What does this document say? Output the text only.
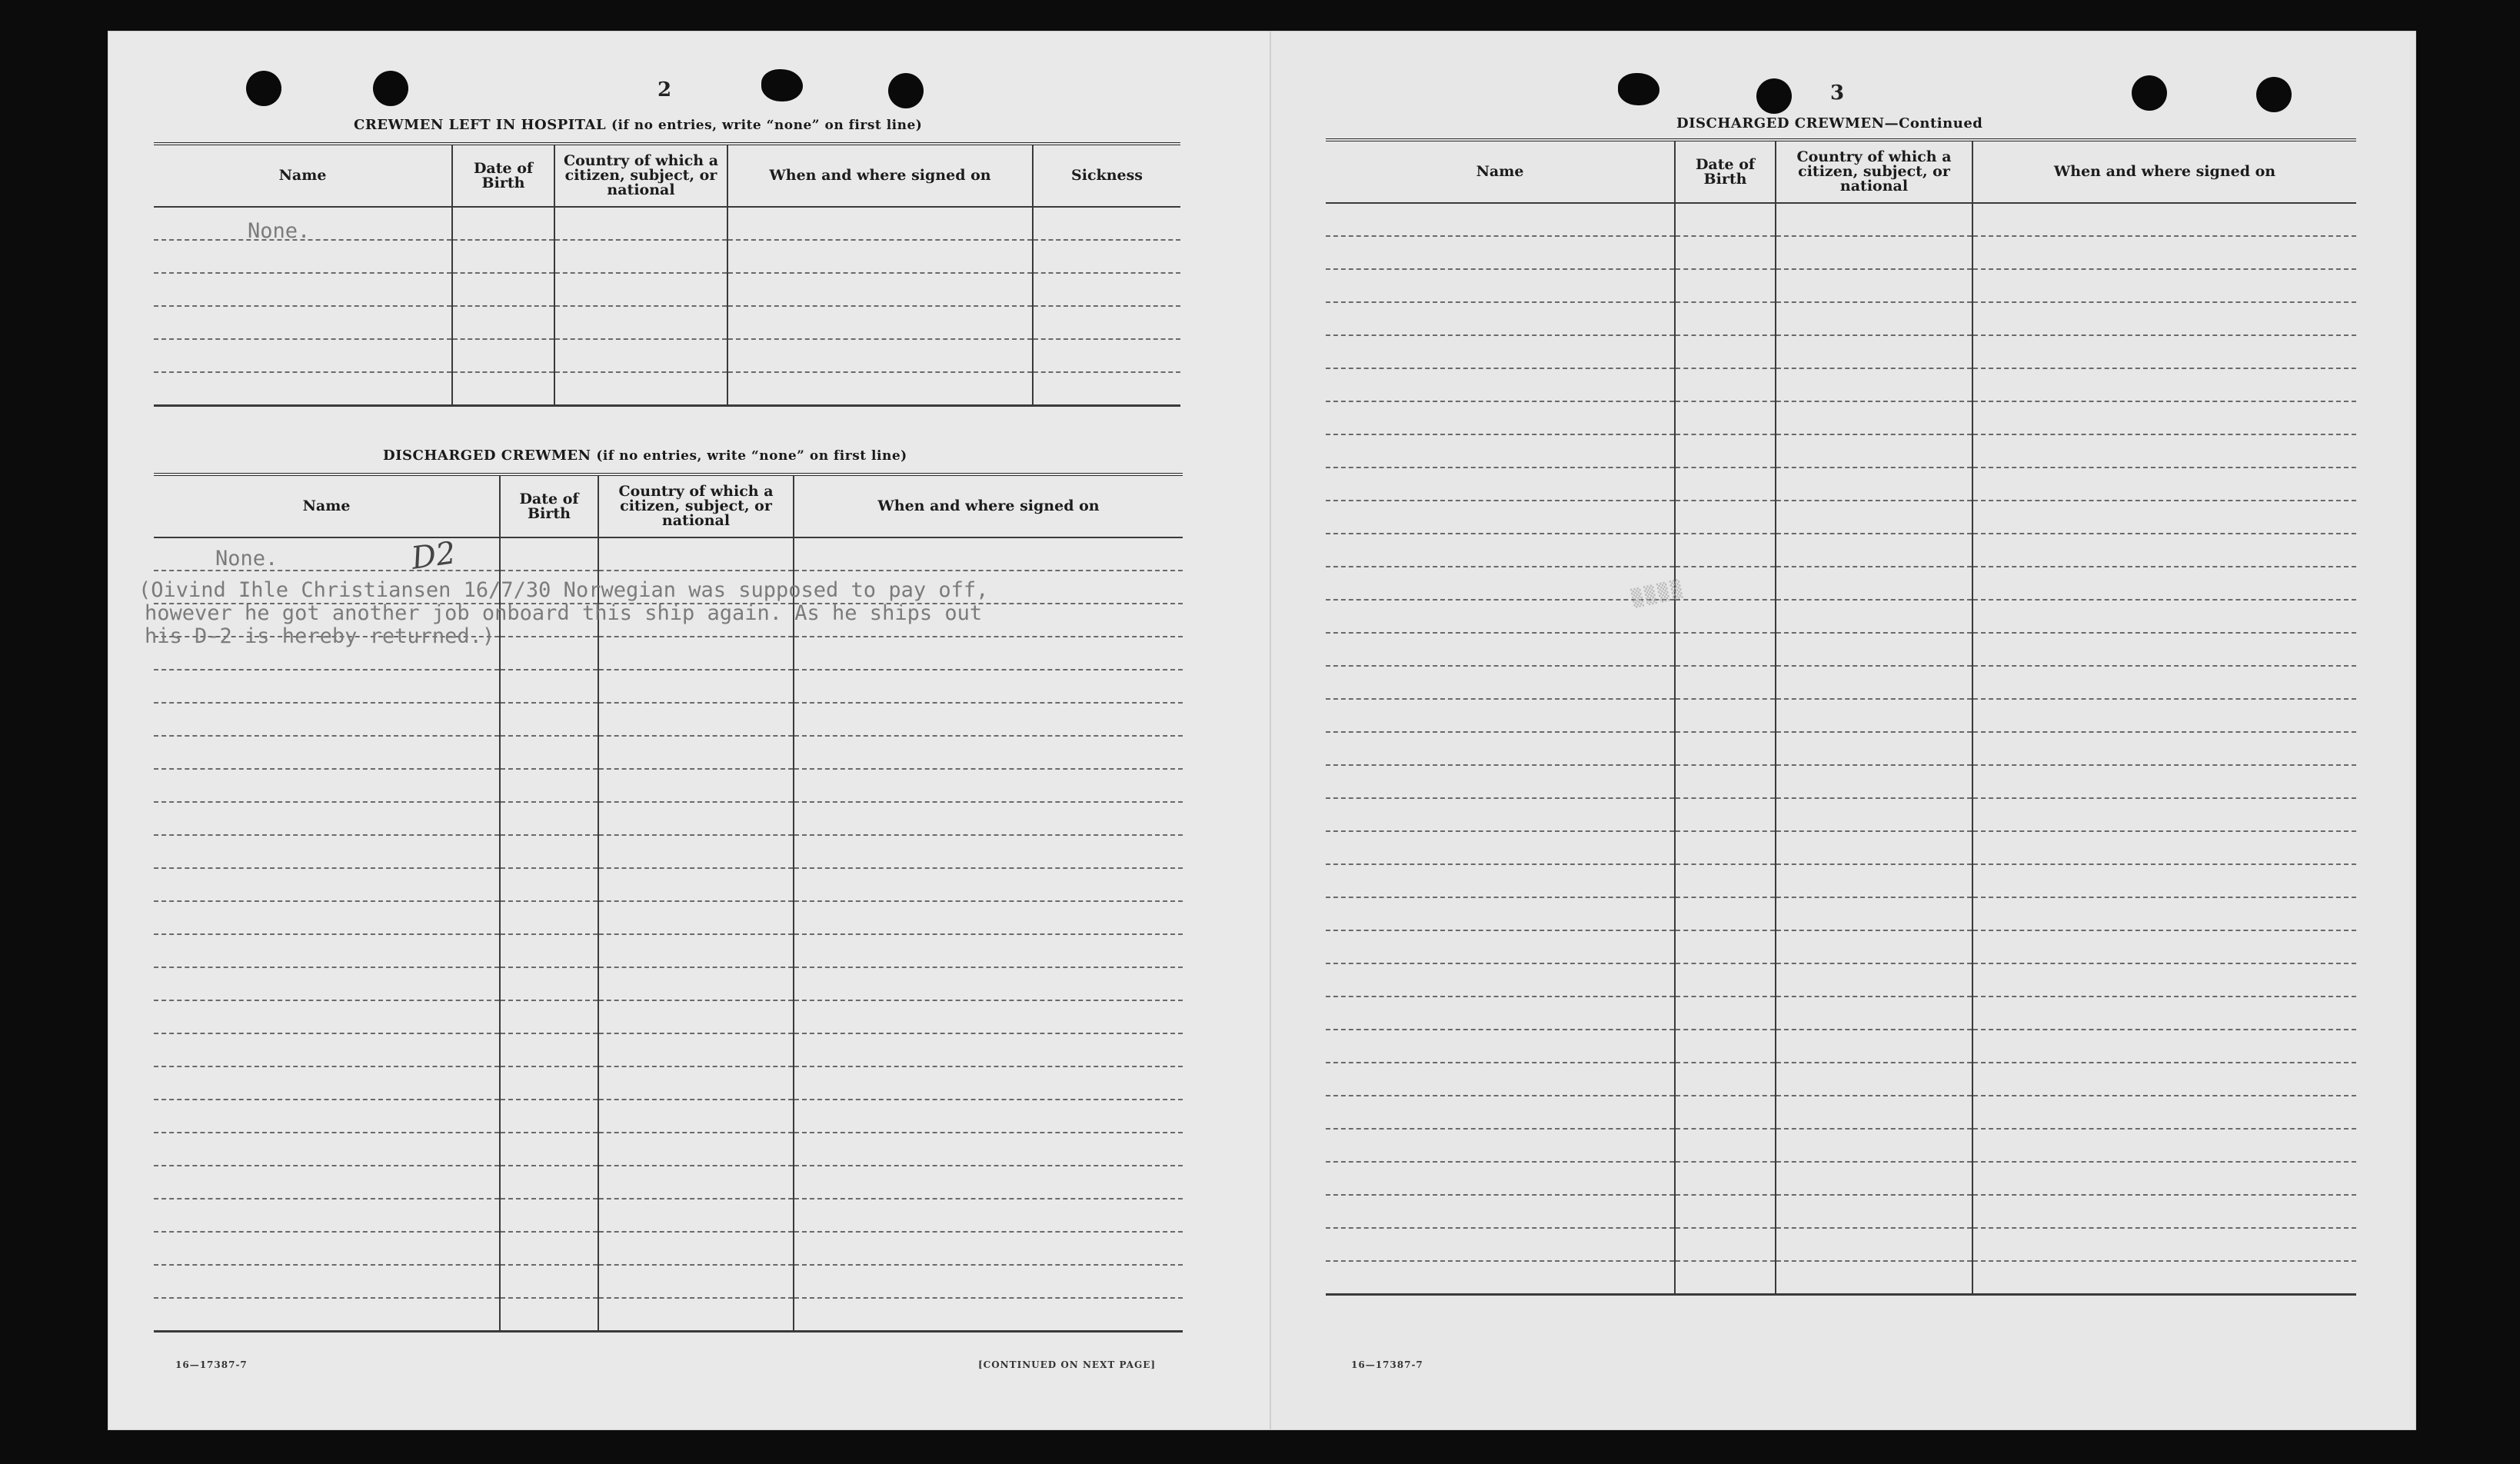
2
CREWMEN LEFT IN HOSPITAL (if no entries, write “none” on first line)
Name	Date of Birth	Country of which a citizen, subject, or national	When and where signed on	Sickness

None.
DISCHARGED CREWMEN (if no entries, write “none” on first line)
Name	Date of Birth	Country of which a citizen, subject, or national	When and where signed on

None.	D2
(Oivind Ihle Christiansen 16/7/30 Norwegian was supposed to pay off,
however he got another job onboard this ship again. As he ships out
his D-2 is hereby returned.)
16—17387-7	[CONTINUED ON NEXT PAGE]
3
DISCHARGED CREWMEN—Continued
Name	Date of Birth	Country of which a citizen, subject, or national	When and where signed on

▒▒▒▒
16—17387-7
